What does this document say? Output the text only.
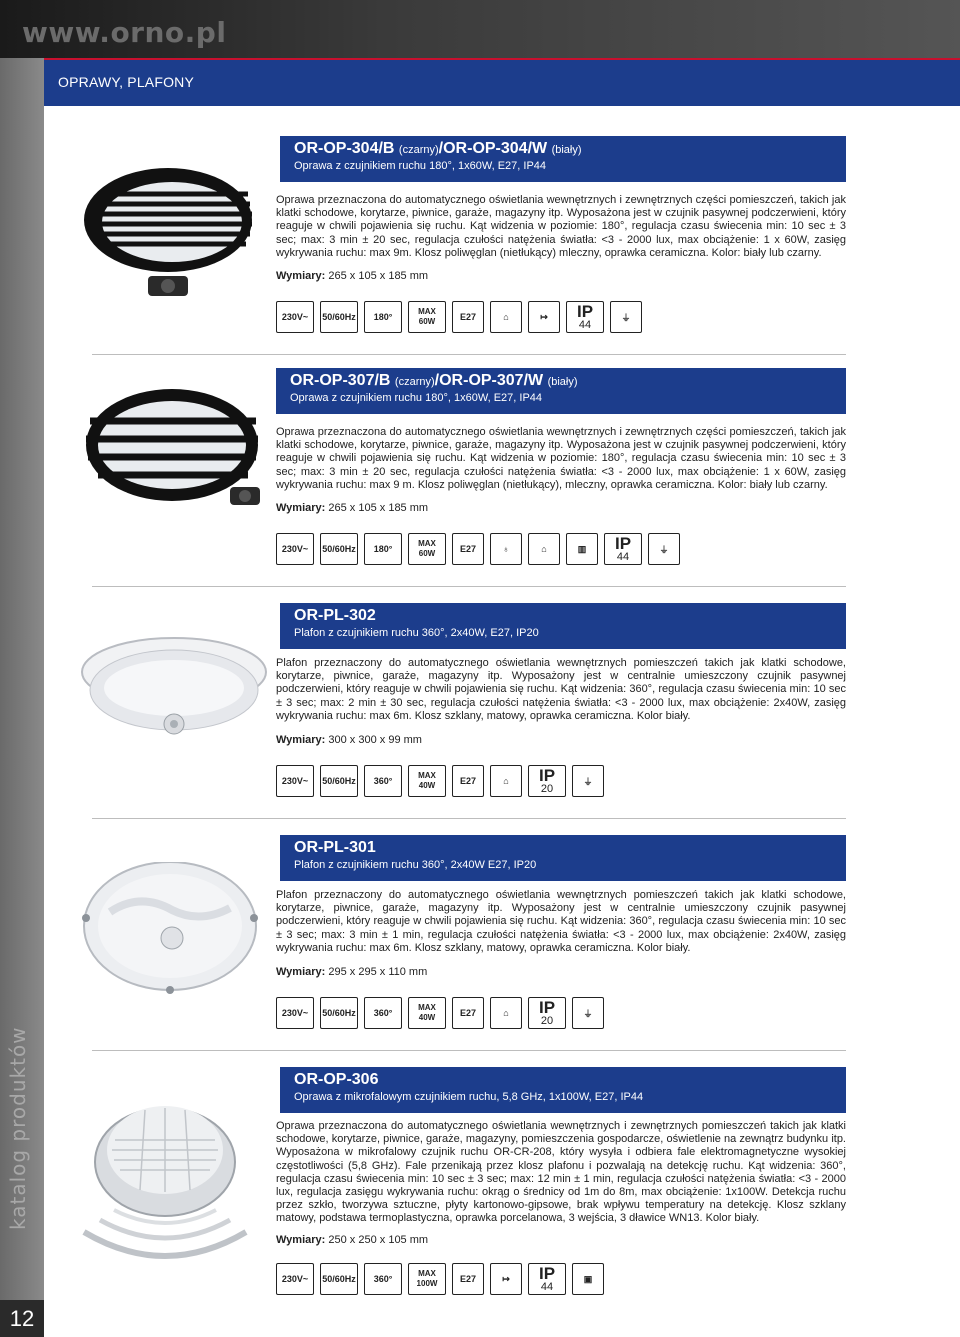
www.orno.pl
katalog produktów
12
OPRAWY, PLAFONY
OR-OP-304/B (czarny)/OR-OP-304/W (biały)
Oprawa z czujnikiem ruchu 180°, 1x60W, E27, IP44
Oprawa przeznaczona do automatycznego oświetlania wewnętrznych i zewnętrznych części pomieszczeń, takich jak klatki schodowe, korytarze, piwnice, garaże, magazyny itp. Wyposażona jest w czujnik pasywnej podczerwieni, który reaguje w chwili pojawienia się ruchu. Kąt widzenia w poziomie: 180°, regulacja czasu świecenia min: 10 sec ± 3 sec; max: 3 min ± 20 sec, regulacja czułości natężenia światła: <3 - 2000 lux, max obciążenie: 1 x 60W, zasięg wykrywania ruchu: max 9m. Klosz poliwęglan (nietłukący) mleczny, oprawka ceramiczna. Kolor: biały lub czarny.
Wymiary: 265 x 105 x 185 mm
230V~	50/60Hz	180°
MAX
60W	E27	⌂	↦	IP
44
⏚
OR-OP-307/B (czarny)/OR-OP-307/W (biały)
Oprawa z czujnikiem ruchu 180°, 1x60W, E27, IP44
Oprawa przeznaczona do automatycznego oświetlania wewnętrznych i zewnętrznych części pomieszczeń, takich jak klatki schodowe, korytarze, piwnice, garaże, magazyny itp. Wyposażona jest w czujnik pasywnej podczerwieni, który reaguje w chwili pojawienia się ruchu. Kąt widzenia w poziomie: 180°, regulacja czasu świecenia min: 10 sec ± 3 sec; max: 3 min ± 20 sec, regulacja czułości natężenia światła: <3 - 2000 lux, max obciążenie: 1 x 60W, zasięg wykrywania ruchu: max 9 m. Klosz poliwęglan (nietłukący), mleczny, oprawka ceramiczna. Kolor: biały lub czarny.
Wymiary: 265 x 105 x 185 mm
230V~	50/60Hz	180°
MAX
60W	E27	♁	⌂	▥	IP
44
⏚
OR-PL-302
Plafon z czujnikiem ruchu 360°, 2x40W, E27, IP20
Plafon przeznaczony do automatycznego oświetlania wewnętrznych pomieszczeń takich jak klatki schodowe, korytarze, piwnice, garaże, magazyny itp. Wyposażony jest w centralnie umieszczony czujnik pasywnej podczerwieni, który reaguje w chwili pojawienia się ruchu. Kąt widzenia: 360°, regulacja czasu świecenia min: 10 sec ± 3 sec; max: 2 min ± 30 sec, regulacja czułości natężenia światła: <3 - 2000 lux, max obciążenie: 2x40W, zasięg wykrywania ruchu: max 6m. Klosz szklany, matowy, oprawka ceramiczna. Kolor biały.
Wymiary: 300 x 300 x 99 mm
230V~	50/60Hz	360°
MAX
40W	E27	⌂	IP
20
⏚
OR-PL-301
Plafon z czujnikiem ruchu 360°, 2x40W E27, IP20
Plafon przeznaczony do automatycznego oświetlania wewnętrznych pomieszczeń takich jak klatki schodowe, korytarze, piwnice, garaże, magazyny itp. Wyposażony jest w centralnie umieszczony czujnik pasywnej podczerwieni, który reaguje w chwili pojawienia się ruchu. Kąt widzenia: 360°, regulacja czasu świecenia min: 10 sec ± 3 sec; max: 3 min ± 1 min, regulacja czułości natężenia światła: <3 - 2000 lux, max obciążenie: 2x40W, zasięg wykrywania ruchu: max 6m. Klosz szklany, matowy, oprawka ceramiczna. Kolor biały.
Wymiary: 295 x 295 x 110 mm
230V~	50/60Hz	360°
MAX
40W	E27	⌂	IP
20
⏚
OR-OP-306
Oprawa z mikrofalowym czujnikiem ruchu, 5,8 GHz, 1x100W, E27, IP44
Oprawa przeznaczona do automatycznego oświetlania wewnętrznych i zewnętrznych pomieszczeń takich jak klatki schodowe, korytarze, piwnice, garaże, magazyny, pomieszczenia gospodarcze, oświetlenie na zewnątrz budynku itp. Wyposażona w mikrofalowy czujnik ruchu OR-CR-208, który wysyła i odbiera fale elektromagnetyczne wysokiej częstotliwości (5,8 GHz). Fale przenikają przez klosz plafonu i pozwalają na detekcję ruchu. Kąt widzenia: 360°, regulacja czasu świecenia min: 10 sec ± 3 sec; max: 12 min ± 1 min, regulacja czułości natężenia światła: <3 - 2000 lux, regulacja zasięgu wykrywania ruchu: okrąg o średnicy od 1m do 8m, max obciążenie: 1x100W. Detekcja ruchu przez szkło, tworzywa sztuczne, płyty kartonowo-gipsowe, brak wpływu temperatury na detekcję. Klosz szklany matowy, podstawa termoplastyczna, oprawka porcelanowa, 3 wejścia, 3 dławice WN13. Kolor biały.
Wymiary: 250 x 250 x 105 mm
230V~	50/60Hz	360°
MAX
100W	E27	↦	IP
44
▣
